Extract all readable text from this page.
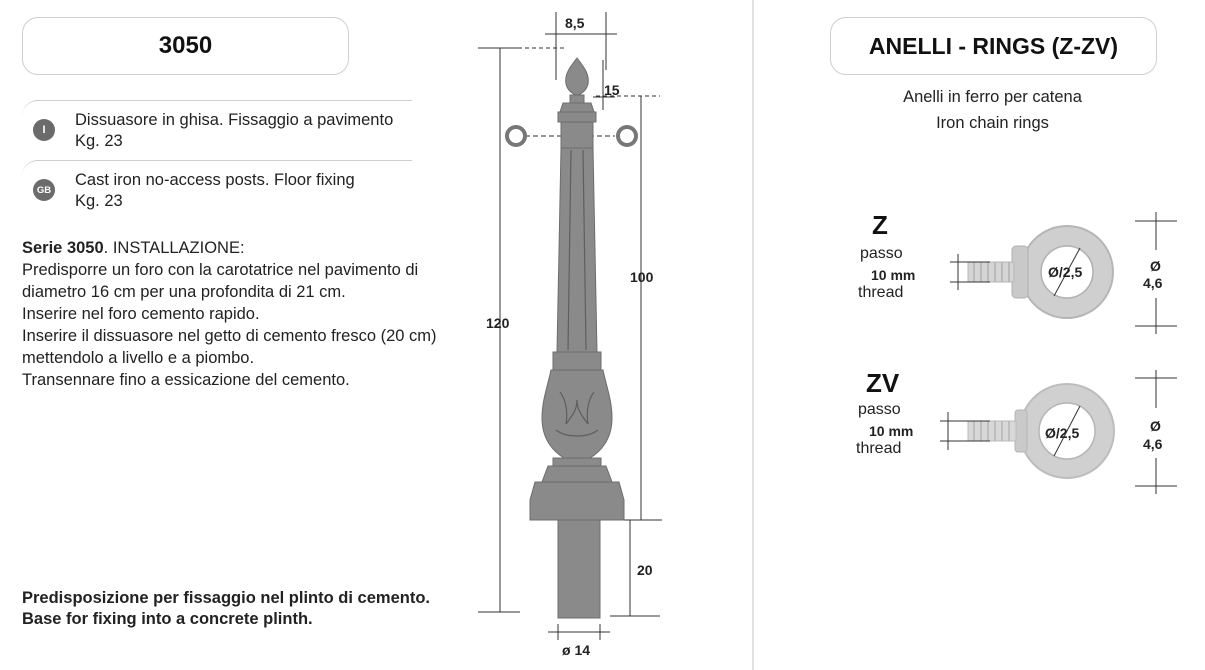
3050
I
Dissuasore in ghisa. Fissaggio a pavimento
Kg. 23
GB
Cast iron no-access posts. Floor fixing
Kg. 23
Serie 3050. INSTALLAZIONE:
Predisporre un foro con la carotatrice nel pavimento di
diametro 16 cm per una profondita di 21 cm.
Inserire nel foro cemento rapido.
Inserire il dissuasore nel getto di cemento fresco (20 cm)
mettendolo a livello e a piombo.
Transennare fino a essicazione del cemento.
Predisposizione per fissaggio nel plinto di cemento.
Base for fixing into a concrete plinth.
8,5
15
100
120
20
ø 14
ANELLI - RINGS (Z-ZV)
Anelli in ferro per catena
Iron chain rings
Z
passo
10 mm
thread
Ø/2,5	Ø
4,6
ZV
passo
10 mm
thread
Ø/2,5	Ø
4,6
